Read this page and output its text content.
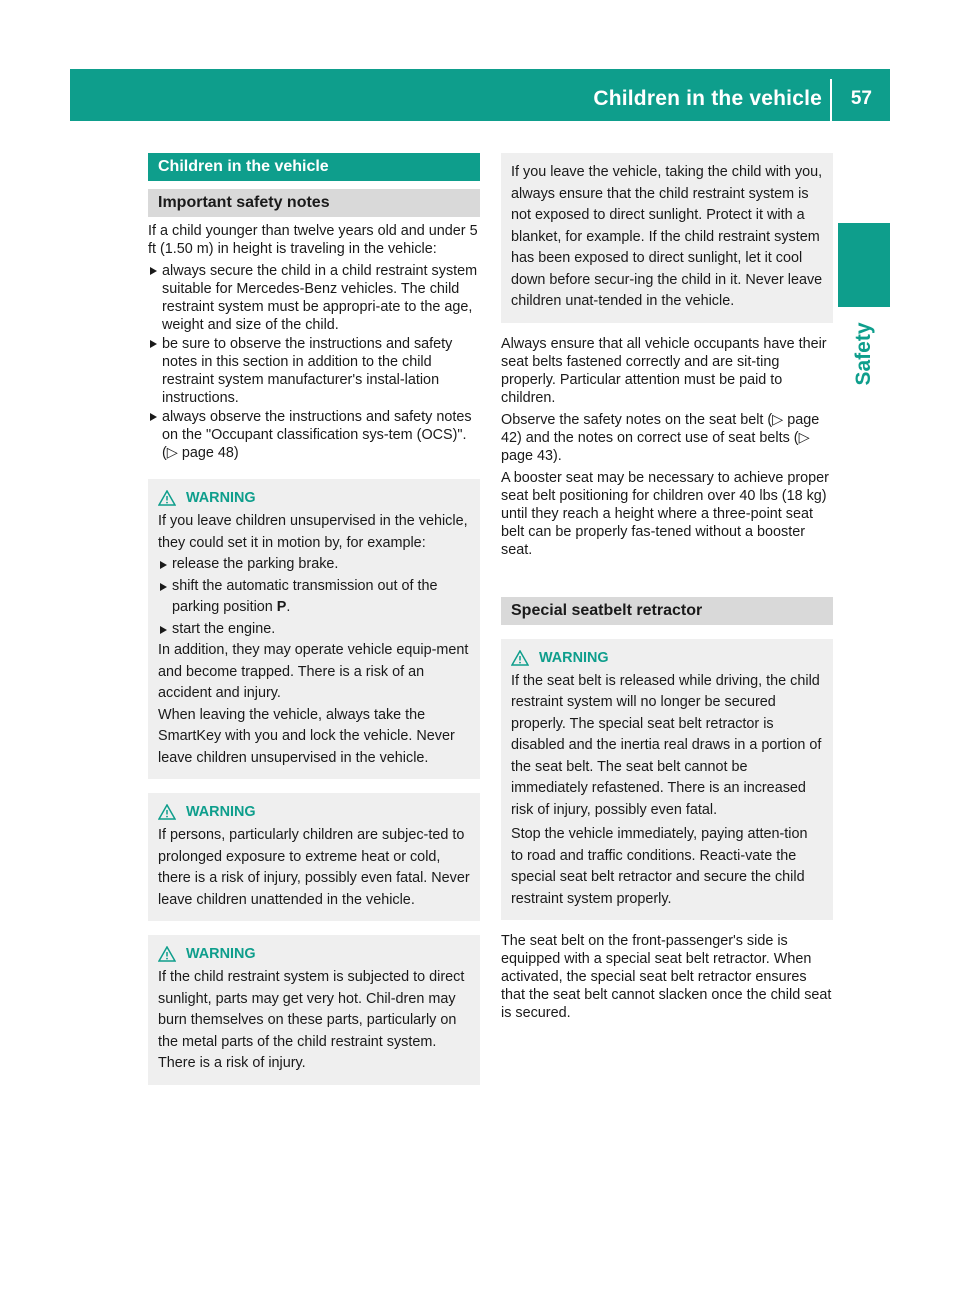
Children in the vehicle 57
Safety
Children in the vehicle
Important safety notes

If a child younger than twelve years old and under 5 ft (1.50 m) in height is traveling in the vehicle:

always secure the child in a child restraint system suitable for Mercedes-Benz vehicles. The child restraint system must be appropri-ate to the age, weight and size of the child.
be sure to observe the instructions and safety notes in this section in addition to the child restraint system manufacturer's instal-lation instructions.
always observe the instructions and safety notes on the "Occupant classification sys-tem (OCS)". (▷ page 48)
WARNING

If you leave children unsupervised in the vehicle, they could set it in motion by, for example:

release the parking brake.
shift the automatic transmission out of the parking position P.
start the engine.

In addition, they may operate vehicle equip-ment and become trapped. There is a risk of an accident and injury.

When leaving the vehicle, always take the SmartKey with you and lock the vehicle. Never leave children unsupervised in the vehicle.

WARNING

If persons, particularly children are subjec-ted to prolonged exposure to extreme heat or cold, there is a risk of injury, possibly even fatal. Never leave children unattended in the vehicle.

WARNING

If the child restraint system is subjected to direct sunlight, parts may get very hot. Chil-dren may burn themselves on these parts, particularly on the metal parts of the child restraint system. There is a risk of injury.

If you leave the vehicle, taking the child with you, always ensure that the child restraint system is not exposed to direct sunlight. Protect it with a blanket, for example. If the child restraint system has been exposed to direct sunlight, let it cool down before secur-ing the child in it. Never leave children unat-tended in the vehicle.

Always ensure that all vehicle occupants have their seat belts fastened correctly and are sit-ting properly. Particular attention must be paid to children.

Observe the safety notes on the seat belt (▷ page 42) and the notes on correct use of seat belts (▷ page 43).

A booster seat may be necessary to achieve proper seat belt positioning for children over 40 lbs (18 kg) until they reach a height where a three-point seat belt can be properly fas-tened without a booster seat.

Special seatbelt retractor
WARNING

If the seat belt is released while driving, the child restraint system will no longer be secured properly. The special seat belt retractor is disabled and the inertia real draws in a portion of the seat belt. The seat belt cannot be immediately refastened. There is an increased risk of injury, possibly even fatal.

Stop the vehicle immediately, paying atten-tion to road and traffic conditions. Reacti-vate the special seat belt retractor and secure the child restraint system properly.

The seat belt on the front-passenger's side is equipped with a special seat belt retractor. When activated, the special seat belt retractor ensures that the seat belt cannot slacken once the child seat is secured.
